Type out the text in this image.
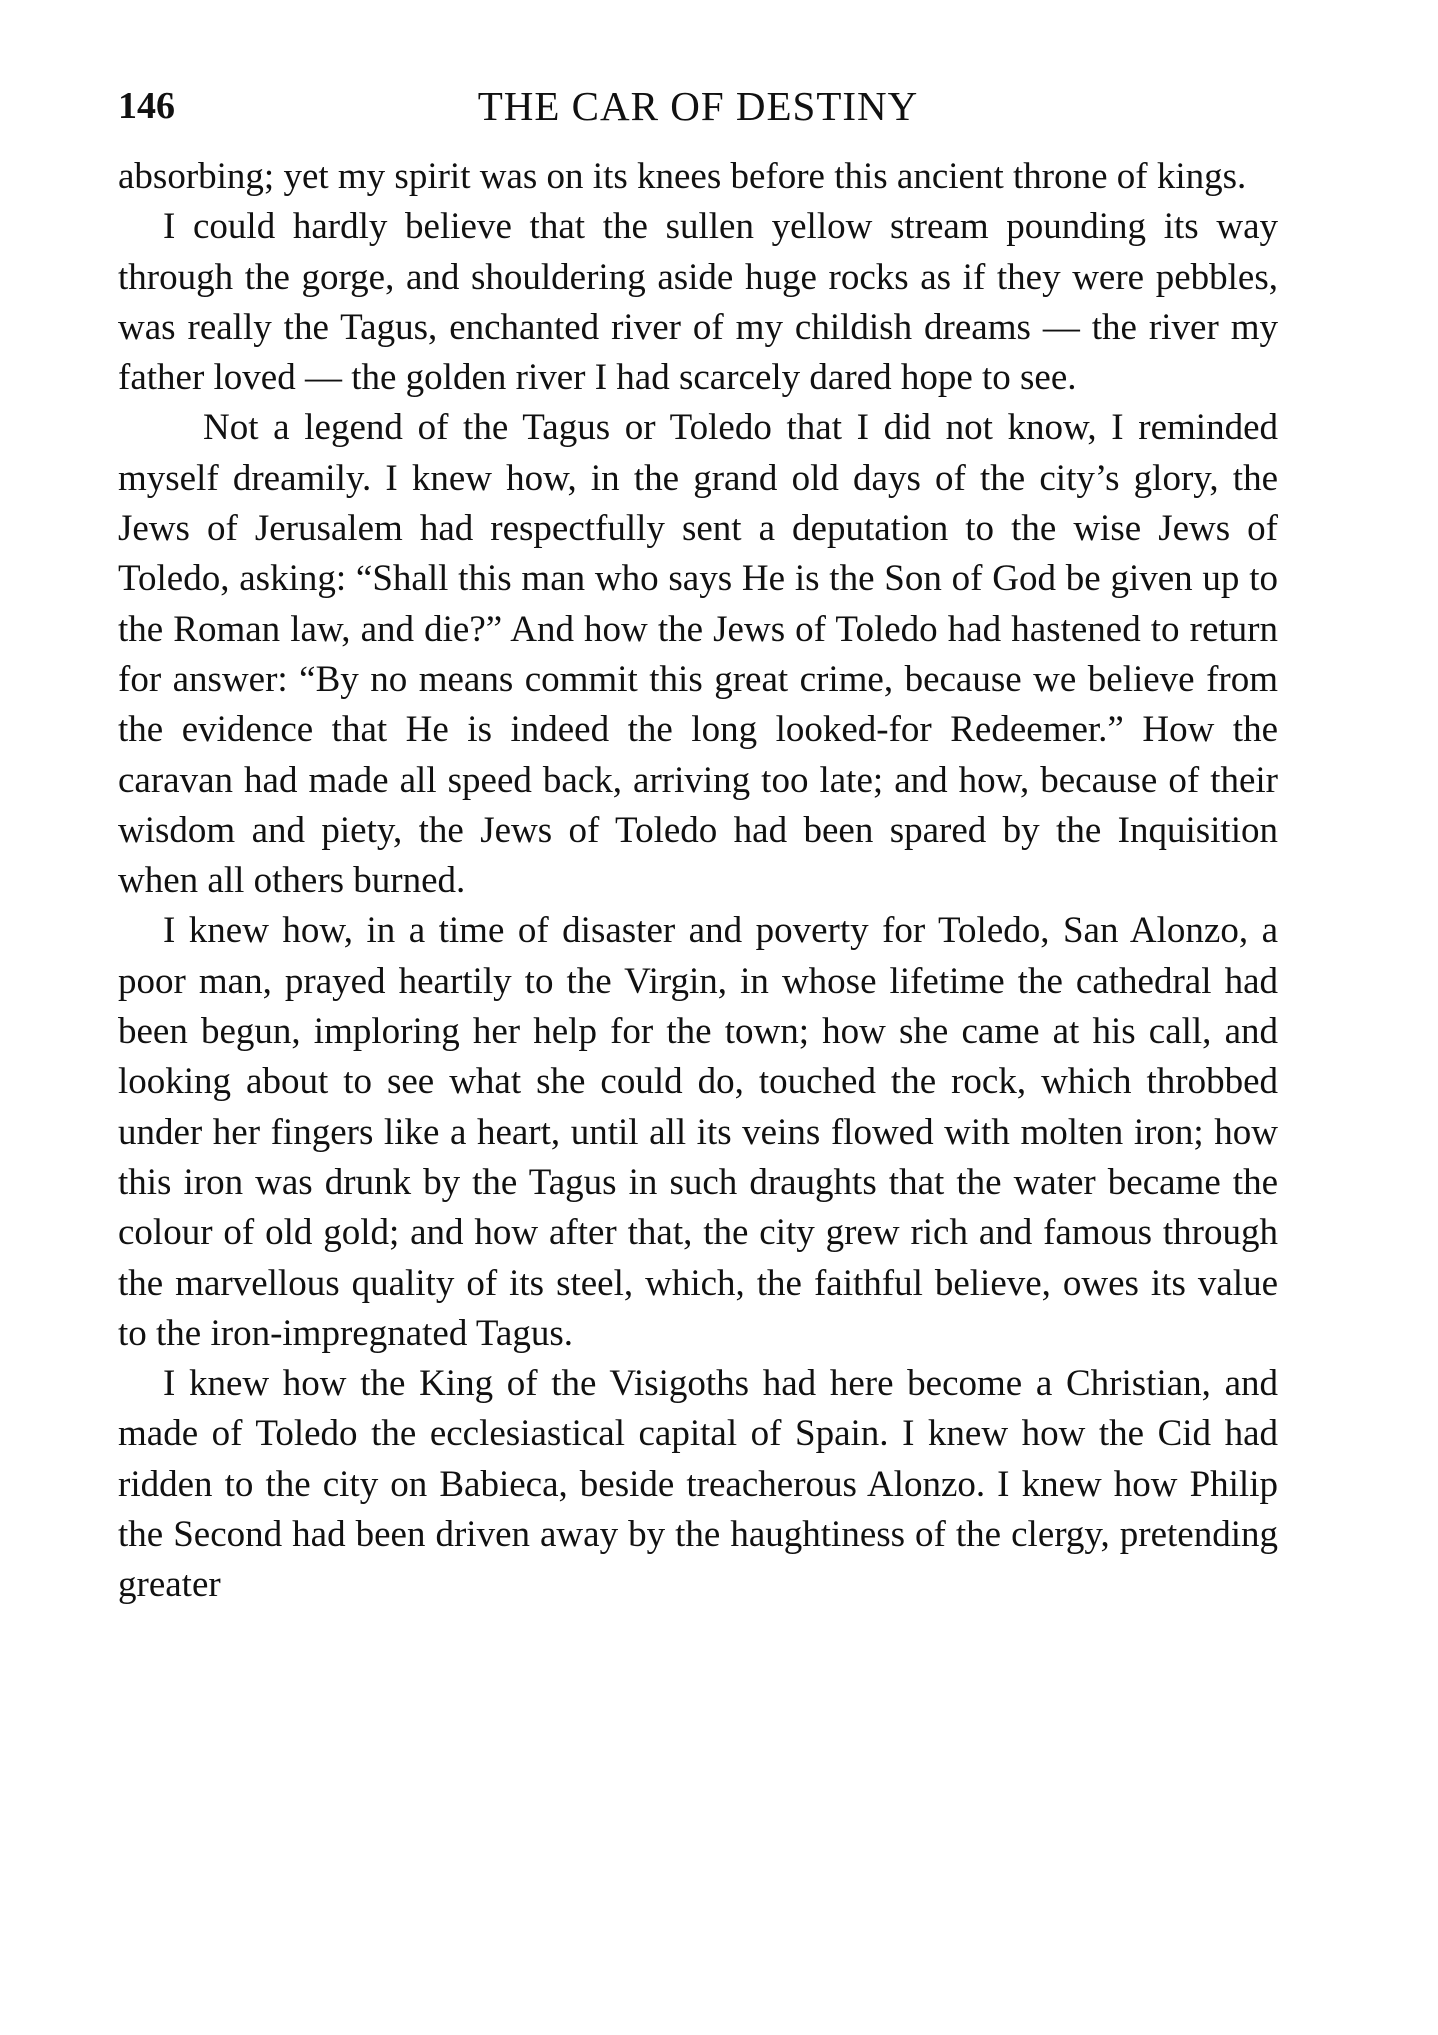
146	THE CAR OF DESTINY

absorbing; yet my spirit was on its knees before this ancient throne of kings.

I could hardly believe that the sullen yellow stream pounding its way through the gorge, and shouldering aside huge rocks as if they were pebbles, was really the Tagus, enchanted river of my childish dreams — the river my father loved — the golden river I had scarcely dared hope to see.

Not a legend of the Tagus or Toledo that I did not know, I reminded myself dreamily. I knew how, in the grand old days of the city’s glory, the Jews of Jerusalem had respectfully sent a deputation to the wise Jews of Toledo, asking: “Shall this man who says He is the Son of God be given up to the Roman law, and die?” And how the Jews of Toledo had hastened to return for answer: “By no means commit this great crime, because we believe from the evidence that He is indeed the long looked-for Redeemer.” How the caravan had made all speed back, arriving too late; and how, because of their wisdom and piety, the Jews of Toledo had been spared by the Inquisition when all others burned.

I knew how, in a time of disaster and poverty for Toledo, San Alonzo, a poor man, prayed heartily to the Virgin, in whose lifetime the cathedral had been begun, imploring her help for the town; how she came at his call, and looking about to see what she could do, touched the rock, which throbbed under her fingers like a heart, until all its veins flowed with molten iron; how this iron was drunk by the Tagus in such draughts that the water became the colour of old gold; and how after that, the city grew rich and famous through the marvellous quality of its steel, which, the faithful believe, owes its value to the iron-impregnated Tagus.

I knew how the King of the Visigoths had here become a Christian, and made of Toledo the ecclesiastical capital of Spain. I knew how the Cid had ridden to the city on Babieca, beside treacherous Alonzo. I knew how Philip the Second had been driven away by the haughtiness of the clergy, pretending greater
